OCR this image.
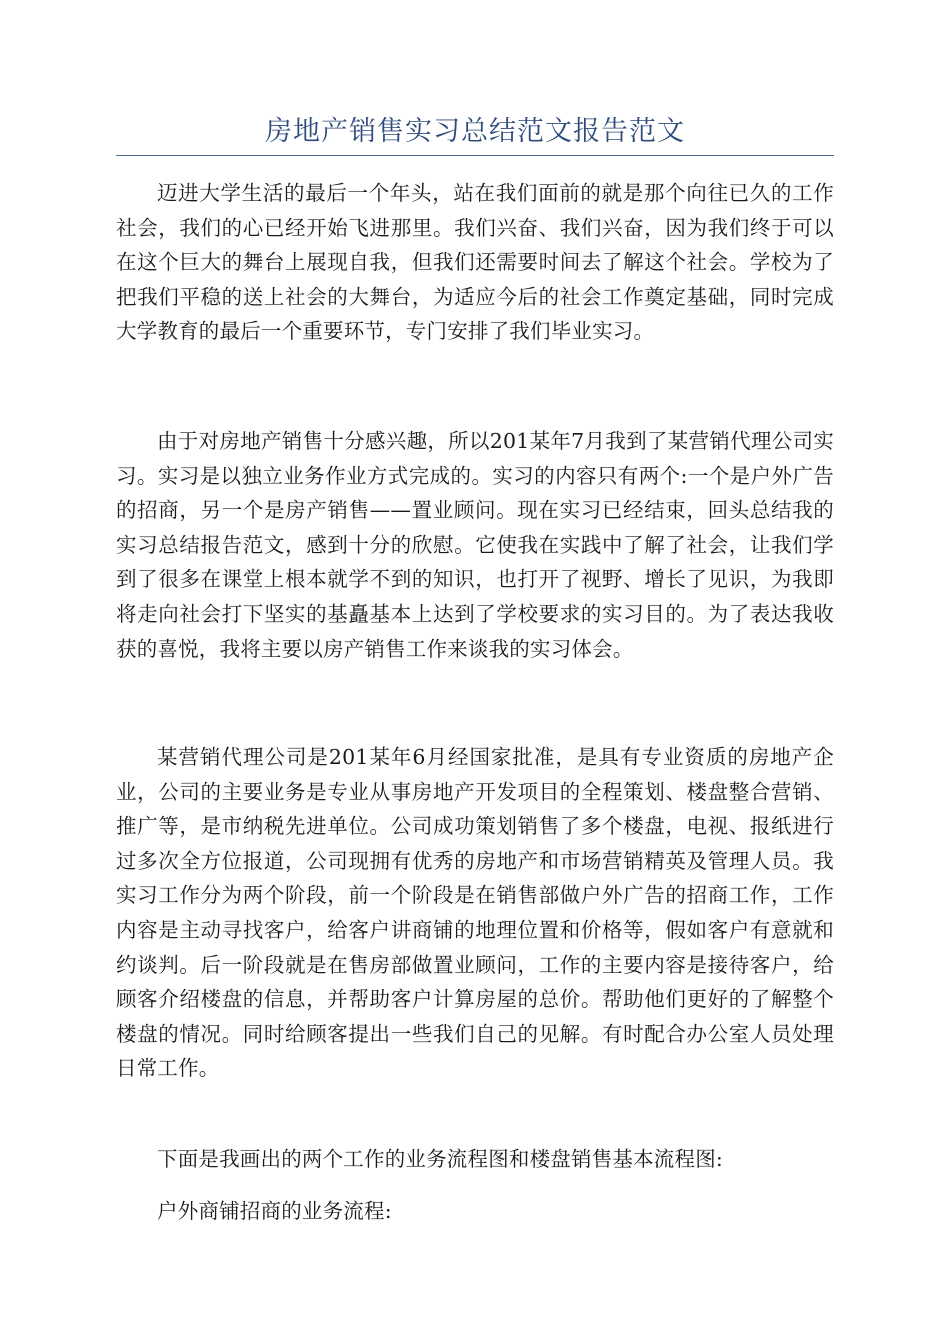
房地产销售实习总结范文报告范文

迈进大学生活的最后一个年头，站在我们面前的就是那个向往已久的工作社会，我们的心已经开始飞进那里。我们兴奋、我们兴奋，因为我们终于可以在这个巨大的舞台上展现自我，但我们还需要时间去了解这个社会。学校为了把我们平稳的送上社会的大舞台，为适应今后的社会工作奠定基础，同时完成大学教育的最后一个重要环节，专门安排了我们毕业实习。

由于对房地产销售十分感兴趣，所以201某年7月我到了某营销代理公司实习。实习是以独立业务作业方式完成的。实习的内容只有两个:一个是户外广告的招商，另一个是房产销售——置业顾问。现在实习已经结束，回头总结我的实习总结报告范文，感到十分的欣慰。它使我在实践中了解了社会，让我们学到了很多在课堂上根本就学不到的知识，也打开了视野、增长了见识，为我即将走向社会打下坚实的基矗基本上达到了学校要求的实习目的。为了表达我收获的喜悦，我将主要以房产销售工作来谈我的实习体会。

某营销代理公司是201某年6月经国家批准，是具有专业资质的房地产企业，公司的主要业务是专业从事房地产开发项目的全程策划、楼盘整合营销、推广等，是市纳税先进单位。公司成功策划销售了多个楼盘，电视、报纸进行过多次全方位报道，公司现拥有优秀的房地产和市场营销精英及管理人员。我实习工作分为两个阶段，前一个阶段是在销售部做户外广告的招商工作，工作内容是主动寻找客户，给客户讲商铺的地理位置和价格等，假如客户有意就和约谈判。后一阶段就是在售房部做置业顾问，工作的主要内容是接待客户，给顾客介绍楼盘的信息，并帮助客户计算房屋的总价。帮助他们更好的了解整个楼盘的情况。同时给顾客提出一些我们自己的见解。有时配合办公室人员处理日常工作。

下面是我画出的两个工作的业务流程图和楼盘销售基本流程图:

户外商铺招商的业务流程:
